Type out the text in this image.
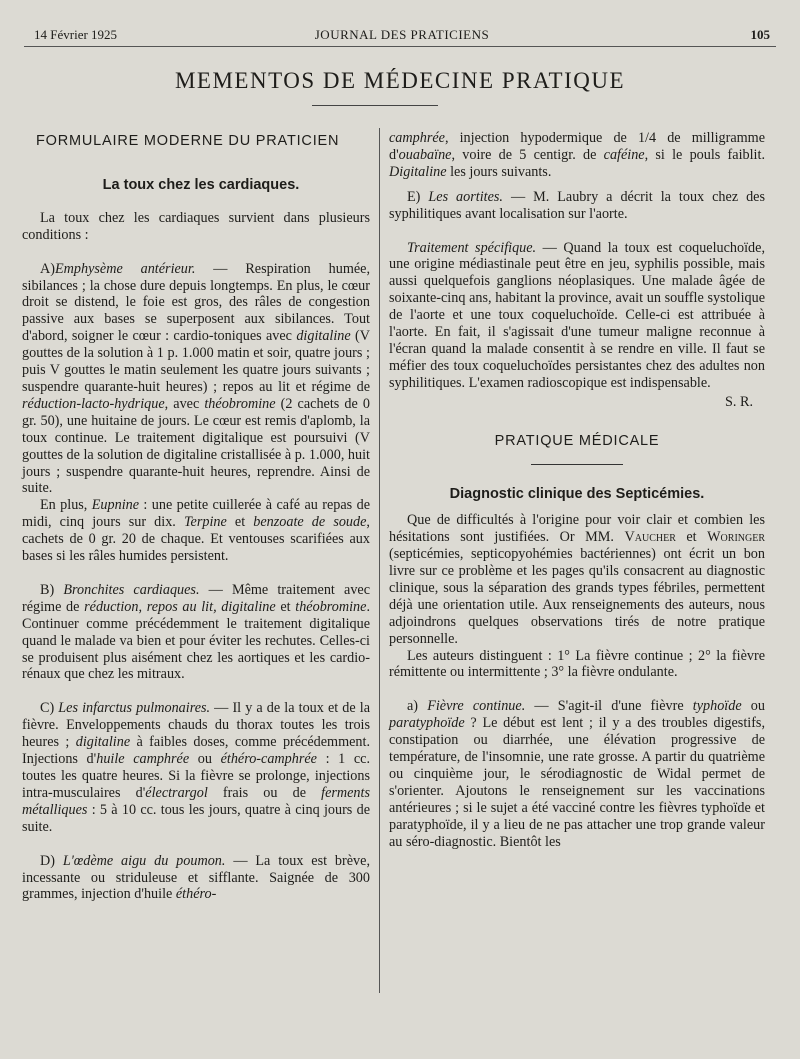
14 Février 1925	JOURNAL DES PRATICIENS	105
MEMENTOS DE MÉDECINE PRATIQUE

FORMULAIRE MODERNE DU PRATICIEN

La toux chez les cardiaques.

La toux chez les cardiaques survient dans plusieurs conditions :

A)Emphysème antérieur. — Respiration humée, sibilances ; la chose dure depuis longtemps. En plus, le cœur droit se distend, le foie est gros, des râles de congestion passive aux bases se superposent aux sibilances. Tout d'abord, soigner le cœur : cardio-toniques avec digitaline (V gouttes de la solution à 1 p. 1.000 matin et soir, quatre jours ; puis V gouttes le matin seulement les quatre jours suivants ; suspendre quarante-huit heures) ; repos au lit et régime de réduction-lacto-hydrique, avec théobromine (2 cachets de 0 gr. 50), une huitaine de jours. Le cœur est remis d'aplomb, la toux continue. Le traitement digitalique est poursuivi (V gouttes de la solution de digitaline cristallisée à p. 1.000, huit jours ; suspendre quarante-huit heures, reprendre. Ainsi de suite.

En plus, Eupnine : une petite cuillerée à café au repas de midi, cinq jours sur dix. Terpine et benzoate de soude, cachets de 0 gr. 20 de chaque. Et ventouses scarifiées aux bases si les râles humides persistent.

B) Bronchites cardiaques. — Même traitement avec régime de réduction, repos au lit, digitaline et théobromine. Continuer comme précédemment le traitement digitalique quand le malade va bien et pour éviter les rechutes. Celles-ci se produisent plus aisément chez les aortiques et les cardio-rénaux que chez les mitraux.

C) Les infarctus pulmonaires. — Il y a de la toux et de la fièvre. Enveloppements chauds du thorax toutes les trois heures ; digitaline à faibles doses, comme précédemment. Injections d'huile camphrée ou éthéro-camphrée : 1 cc. toutes les quatre heures. Si la fièvre se prolonge, injections intra-musculaires d'électrargol frais ou de ferments métalliques : 5 à 10 cc. tous les jours, quatre à cinq jours de suite.

D) L'œdème aigu du poumon. — La toux est brève, incessante ou striduleuse et sifflante. Saignée de 300 grammes, injection d'huile éthéro-

camphrée, injection hypodermique de 1/4 de milligramme d'ouabaïne, voire de 5 centigr. de caféine, si le pouls faiblit. Digitaline les jours suivants.

E) Les aortites. — M. Laubry a décrit la toux chez des syphilitiques avant localisation sur l'aorte.

Traitement spécifique. — Quand la toux est coqueluchoïde, une origine médiastinale peut être en jeu, syphilis possible, mais aussi quelquefois ganglions néoplasiques. Une malade âgée de soixante-cinq ans, habitant la province, avait un souffle systolique de l'aorte et une toux coqueluchoïde. Celle-ci est attribuée à l'aorte. En fait, il s'agissait d'une tumeur maligne reconnue à l'écran quand la malade consentit à se rendre en ville. Il faut se méfier des toux coqueluchoïdes persistantes chez des adultes non syphilitiques. L'examen radioscopique est indispensable.

S. R.

PRATIQUE MÉDICALE

Diagnostic clinique des Septicémies.

Que de difficultés à l'origine pour voir clair et combien les hésitations sont justifiées. Or MM. Vaucher et Woringer (septicémies, septicopyohémies bactériennes) ont écrit un bon livre sur ce problème et les pages qu'ils consacrent au diagnostic clinique, sous la séparation des grands types fébriles, permettent déjà une orientation utile. Aux renseignements des auteurs, nous adjoindrons quelques observations tirés de notre pratique personnelle.

Les auteurs distinguent : 1° La fièvre continue ; 2° la fièvre rémittente ou intermittente ; 3° la fièvre ondulante.

a) Fièvre continue. — S'agit-il d'une fièvre typhoïde ou paratyphoïde ? Le début est lent ; il y a des troubles digestifs, constipation ou diarrhée, une élévation progressive de température, de l'insomnie, une rate grosse. A partir du quatrième ou cinquième jour, le sérodiagnostic de Widal permet de s'orienter. Ajoutons le renseignement sur les vaccinations antérieures ; si le sujet a été vacciné contre les fièvres typhoïde et paratyphoïde, il y a lieu de ne pas attacher une trop grande valeur au séro-diagnostic. Bientôt les
